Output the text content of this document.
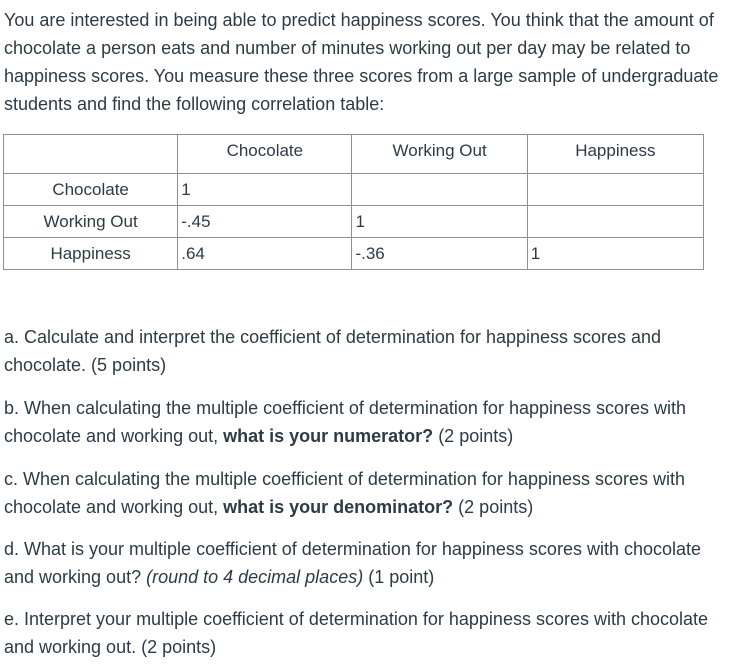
You are interested in being able to predict happiness scores. You think that the amount of chocolate a person eats and number of minutes working out per day may be related to happiness scores. You measure these three scores from a large sample of undergraduate students and find the following correlation table:

	Chocolate	Working Out	Happiness
Chocolate	1		
Working Out	-.45	1	
Happiness	.64	-.36	1

a. Calculate and interpret the coefficient of determination for happiness scores and chocolate. (5 points)

b. When calculating the multiple coefficient of determination for happiness scores with chocolate and working out, what is your numerator? (2 points)

c. When calculating the multiple coefficient of determination for happiness scores with chocolate and working out, what is your denominator? (2 points)

d. What is your multiple coefficient of determination for happiness scores with chocolate and working out? (round to 4 decimal places) (1 point)

e. Interpret your multiple coefficient of determination for happiness scores with chocolate and working out. (2 points)
